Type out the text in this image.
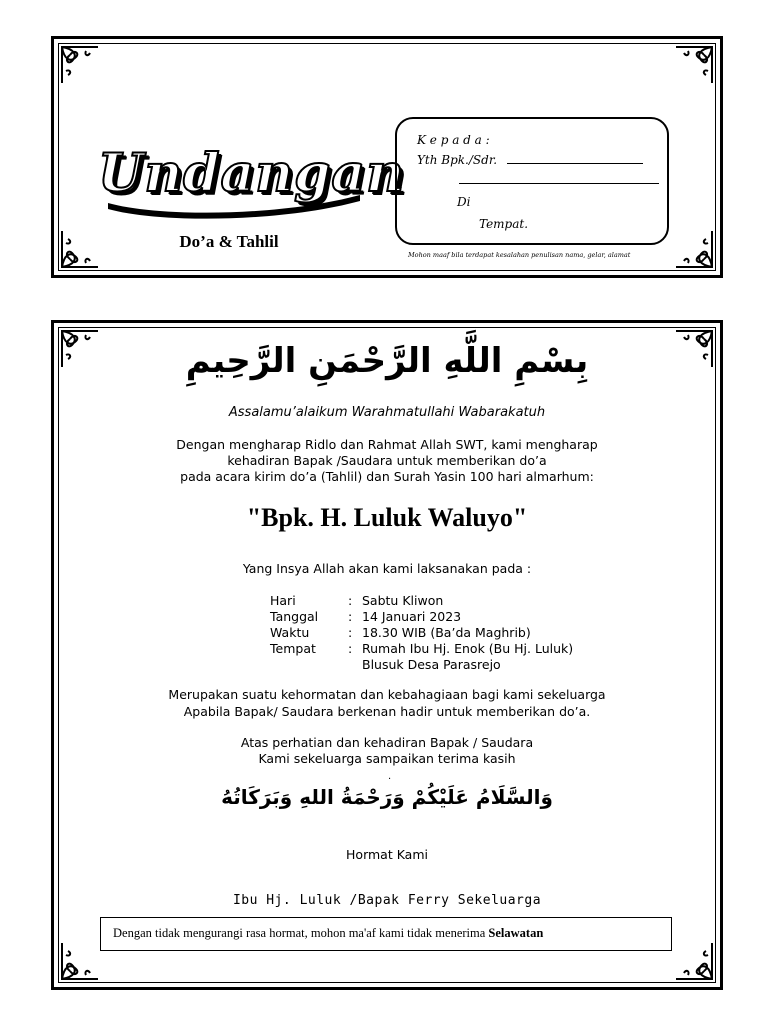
Undangan
Do’a & Tahlil
K e p a d a :
Yth Bpk./Sdr.
Di
Tempat.
Mohon maaf bila terdapat kesalahan penulisan nama, gelar, alamat
بِسْمِ اللَّهِ الرَّحْمَنِ الرَّحِيمِ
Assalamu’alaikum Warahmatullahi Wabarakatuh
Dengan mengharap Ridlo dan Rahmat Allah SWT, kami mengharap
kehadiran Bapak /Saudara untuk memberikan do’a
pada acara kirim do’a (Tahlil) dan Surah Yasin 100 hari almarhum:
"Bpk. H. Luluk Waluyo"
Yang Insya Allah akan kami laksanakan pada :
Hari	: Sabtu Kliwon
Tanggal : 14 Januari 2023
Waktu	: 18.30 WIB (Ba’da Maghrib)
Tempat	: Rumah Ibu Hj. Enok (Bu Hj. Luluk)
Blusuk Desa Parasrejo
Merupakan suatu kehormatan dan kebahagiaan bagi kami sekeluarga
Apabila Bapak/ Saudara berkenan hadir untuk memberikan do’a.
Atas perhatian dan kehadiran Bapak / Saudara
Kami sekeluarga sampaikan terima kasih
.
وَالسَّلَامُ عَلَيْكُمْ وَرَحْمَةُ اللهِ وَبَرَكَاتُهُ
Hormat Kami
Ibu Hj. Luluk /Bapak Ferry Sekeluarga
Dengan tidak mengurangi rasa hormat, mohon ma'af kami tidak menerima Selawatan
